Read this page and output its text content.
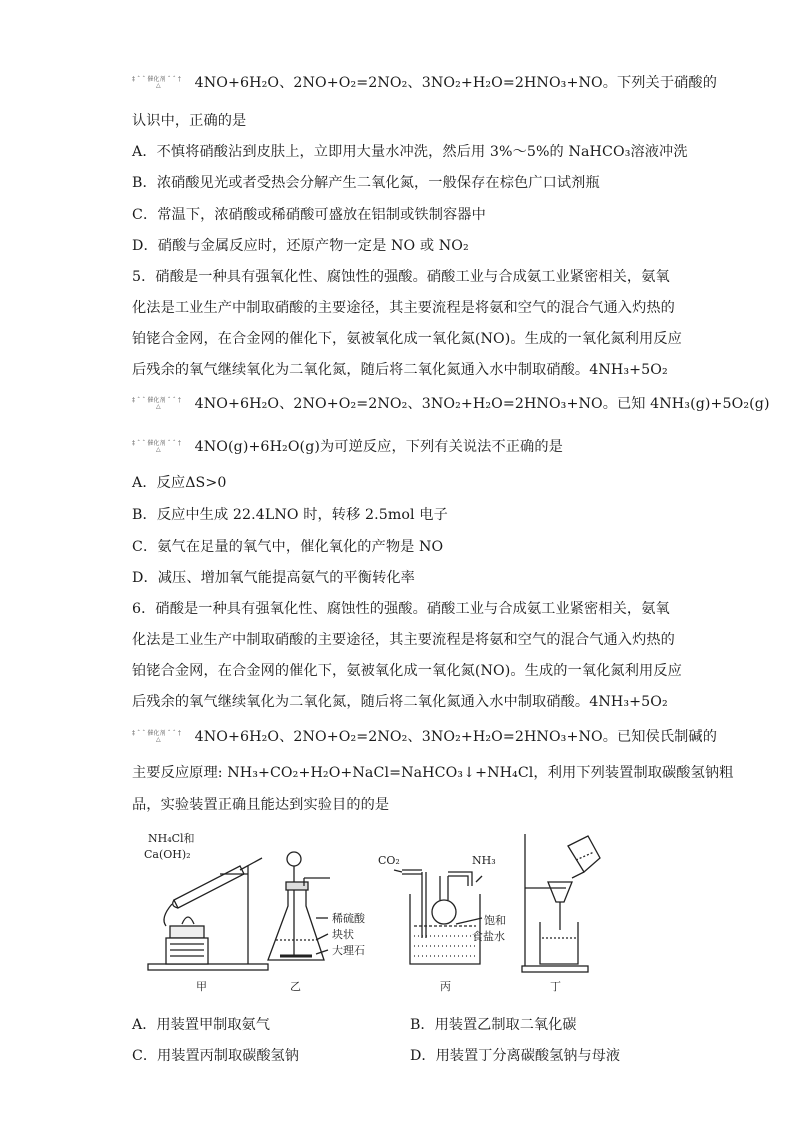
‡ ˆ ˆ 催化剂 ˆ ˆ †
△	4NO+6H₂O、2NO+O₂=2NO₂、3NO₂+H₂O=2HNO₃+NO。下列关于硝酸的
认识中，正确的是
A．不慎将硝酸沾到皮肤上，立即用大量水冲洗，然后用 3%～5%的 NaHCO₃溶液冲洗
B．浓硝酸见光或者受热会分解产生二氧化氮，一般保存在棕色广口试剂瓶
C．常温下，浓硝酸或稀硝酸可盛放在铝制或铁制容器中
D．硝酸与金属反应时，还原产物一定是 NO 或 NO₂
5．硝酸是一种具有强氧化性、腐蚀性的强酸。硝酸工业与合成氨工业紧密相关，氨氧
化法是工业生产中制取硝酸的主要途径，其主要流程是将氨和空气的混合气通入灼热的
铂铑合金网，在合金网的催化下，氨被氧化成一氧化氮(NO)。生成的一氧化氮利用反应
后残余的氧气继续氧化为二氧化氮，随后将二氧化氮通入水中制取硝酸。4NH₃+5O₂
‡ ˆ ˆ 催化剂 ˆ ˆ †
△	4NO+6H₂O、2NO+O₂=2NO₂、3NO₂+H₂O=2HNO₃+NO。已知 4NH₃(g)+5O₂(g)
‡ ˆ ˆ 催化剂 ˆ ˆ †
△	4NO(g)+6H₂O(g)为可逆反应，下列有关说法不正确的是
A．反应ΔS>0
B．反应中生成 22.4LNO 时，转移 2.5mol 电子
C．氨气在足量的氧气中，催化氧化的产物是 NO
D．减压、增加氧气能提高氨气的平衡转化率
6．硝酸是一种具有强氧化性、腐蚀性的强酸。硝酸工业与合成氨工业紧密相关，氨氧
化法是工业生产中制取硝酸的主要途径，其主要流程是将氨和空气的混合气通入灼热的
铂铑合金网，在合金网的催化下，氨被氧化成一氧化氮(NO)。生成的一氧化氮利用反应
后残余的氧气继续氧化为二氧化氮，随后将二氧化氮通入水中制取硝酸。4NH₃+5O₂
‡ ˆ ˆ 催化剂 ˆ ˆ †
△	4NO+6H₂O、2NO+O₂=2NO₂、3NO₂+H₂O=2HNO₃+NO。已知侯氏制碱的
主要反应原理: NH₃+CO₂+H₂O+NaCl=NaHCO₃↓+NH₄Cl，利用下列装置制取碳酸氢钠粗
品，实验装置正确且能达到实验目的的是
NH₄Cl和
Ca(OH)₂
稀硫酸
块状
大理石
CO₂	NH₃
饱和
食盐水
甲	乙	丙	丁
A．用装置甲制取氨气	B．用装置乙制取二氧化碳
C．用装置丙制取碳酸氢钠	D．用装置丁分离碳酸氢钠与母液
